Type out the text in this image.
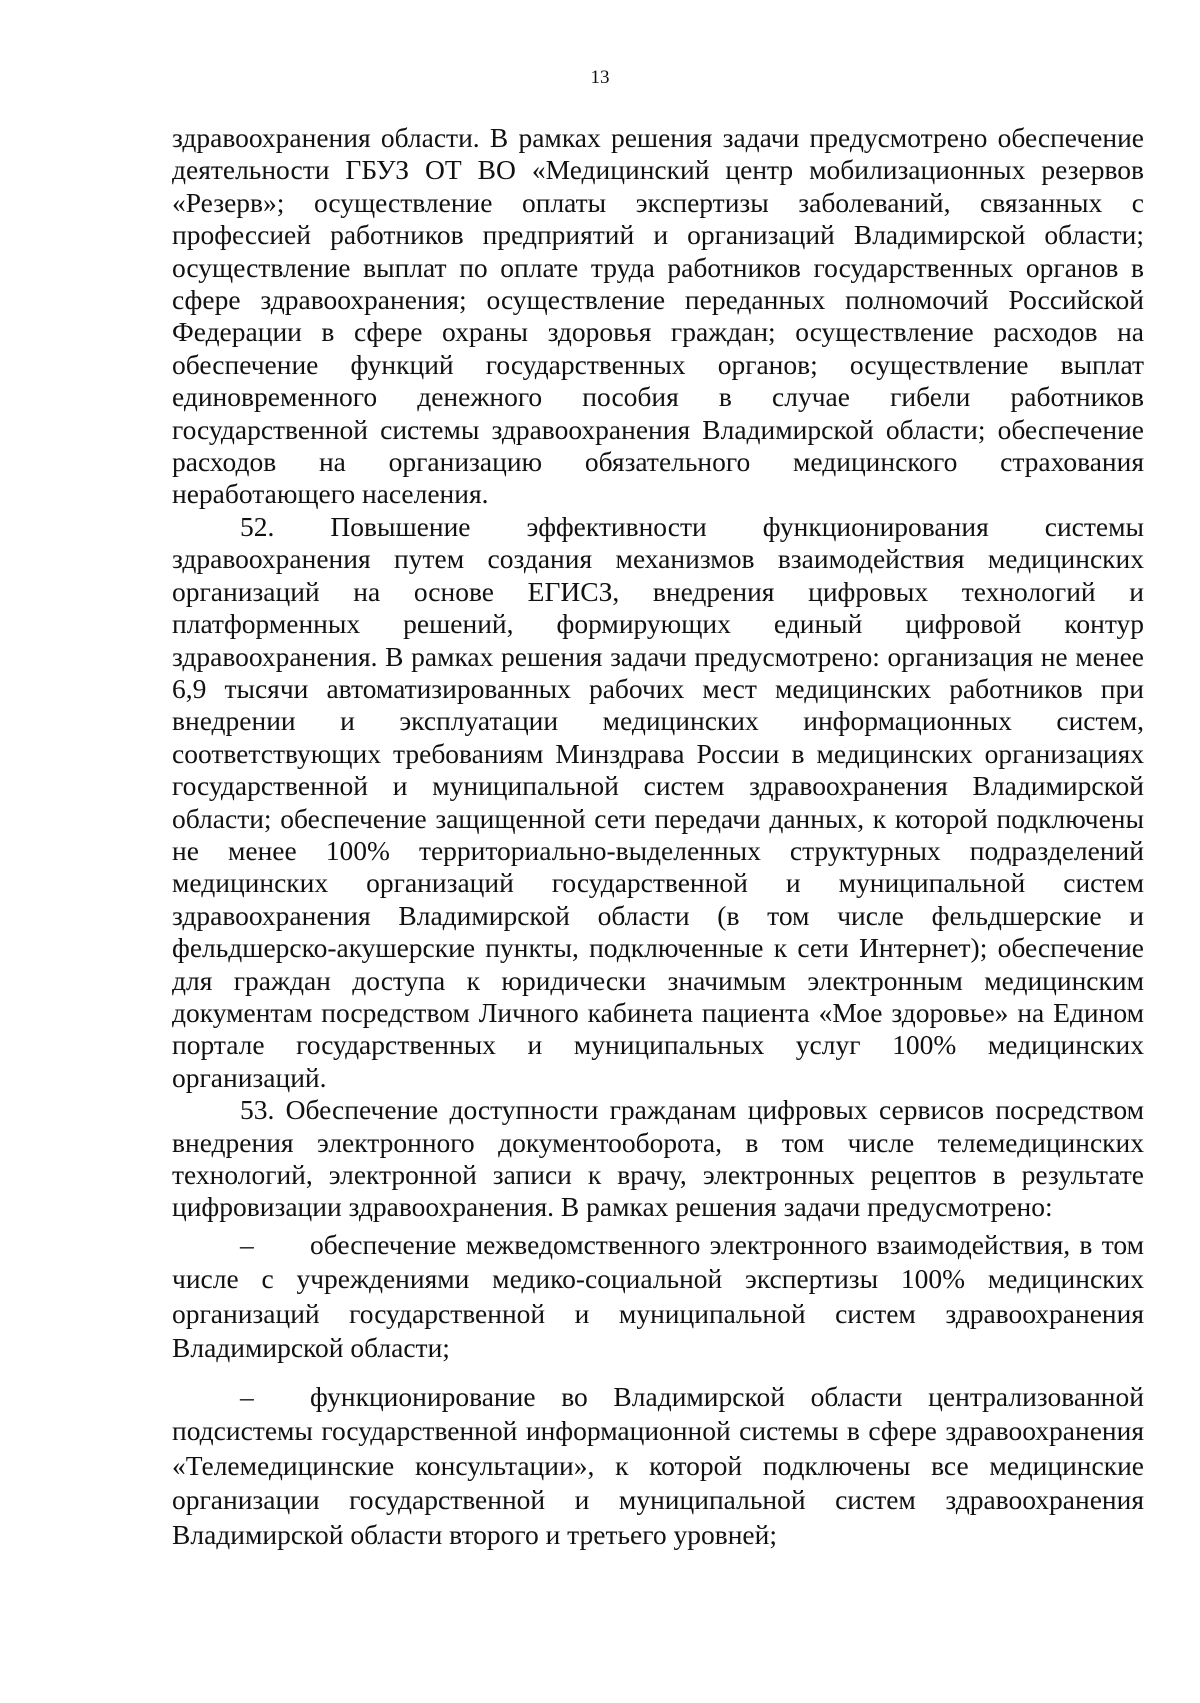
13

здравоохранения области. В рамках решения задачи предусмотрено обеспечение деятельности ГБУЗ ОТ ВО «Медицинский центр мобилизационных резервов «Резерв»; осуществление оплаты экспертизы заболеваний, связанных с профессией работников предприятий и организаций Владимирской области; осуществление выплат по оплате труда работников государственных органов в сфере здравоохранения; осуществление переданных полномочий Российской Федерации в сфере охраны здоровья граждан; осуществление расходов на обеспечение функций государственных органов; осуществление выплат единовременного денежного пособия в случае гибели работников государственной системы здравоохранения Владимирской области; обеспечение расходов на организацию обязательного медицинского страхования неработающего населения.

52. Повышение эффективности функционирования системы здравоохранения путем создания механизмов взаимодействия медицинских организаций на основе ЕГИСЗ, внедрения цифровых технологий и платформенных решений, формирующих единый цифровой контур здравоохранения. В рамках решения задачи предусмотрено: организация не менее 6,9 тысячи автоматизированных рабочих мест медицинских работников при внедрении и эксплуатации медицинских информационных систем, соответствующих требованиям Минздрава России в медицинских организациях государственной и муниципальной систем здравоохранения Владимирской области; обеспечение защищенной сети передачи данных, к которой подключены не менее 100% территориально-выделенных структурных подразделений медицинских организаций государственной и муниципальной систем здравоохранения Владимирской области (в том числе фельдшерские и фельдшерско-акушерские пункты, подключенные к сети Интернет); обеспечение для граждан доступа к юридически значимым электронным медицинским документам посредством Личного кабинета пациента «Мое здоровье» на Едином портале государственных и муниципальных услуг 100% медицинских организаций.

53. Обеспечение доступности гражданам цифровых сервисов посредством внедрения электронного документооборота, в том числе телемедицинских технологий, электронной записи к врачу, электронных рецептов в результате цифровизации здравоохранения. В рамках решения задачи предусмотрено:

– обеспечение межведомственного электронного взаимодействия, в том числе с учреждениями медико-социальной экспертизы 100% медицинских организаций государственной и муниципальной систем здравоохранения Владимирской области;

– функционирование во Владимирской области централизованной подсистемы государственной информационной системы в сфере здравоохранения «Телемедицинские консультации», к которой подключены все медицинские организации государственной и муниципальной систем здравоохранения Владимирской области второго и третьего уровней;
